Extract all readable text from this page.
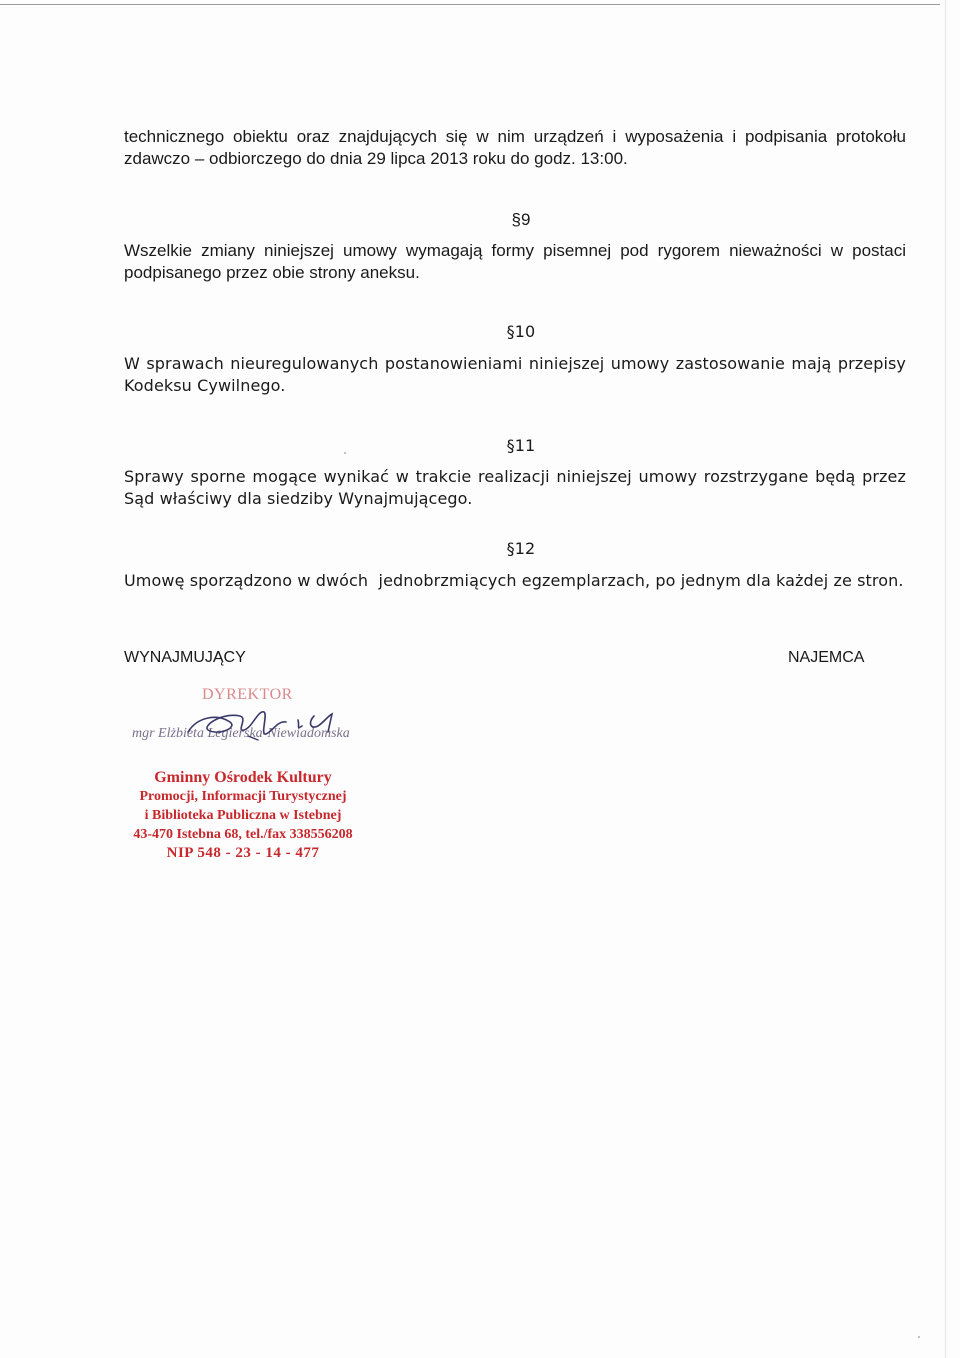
technicznego obiektu oraz znajdujących się w nim urządzeń i wyposażenia i podpisania protokołu zdawczo – odbiorczego do dnia 29 lipca 2013 roku do godz. 13:00.

§9

Wszelkie zmiany niniejszej umowy wymagają formy pisemnej pod rygorem nieważności w postaci podpisanego przez obie strony aneksu.

§10

W sprawach nieuregulowanych postanowieniami niniejszej umowy zastosowanie mają przepisy Kodeksu Cywilnego.

§11

Sprawy sporne mogące wynikać w trakcie realizacji niniejszej umowy rozstrzygane będą przez Sąd właściwy dla siedziby Wynajmującego.

§12

Umowę sporządzono w dwóch  jednobrzmiących egzemplarzach, po jednym dla każdej ze stron.

WYNAJMUJĄCY	NAJEMCA

DYREKTOR
mgr Elżbieta Legierska-Niewiadomska
Gminny Ośrodek Kultury
Promocji, Informacji Turystycznej
i Biblioteka Publiczna w Istebnej
43-470 Istebna 68, tel./fax 338556208
NIP 548 - 23 - 14 - 477
